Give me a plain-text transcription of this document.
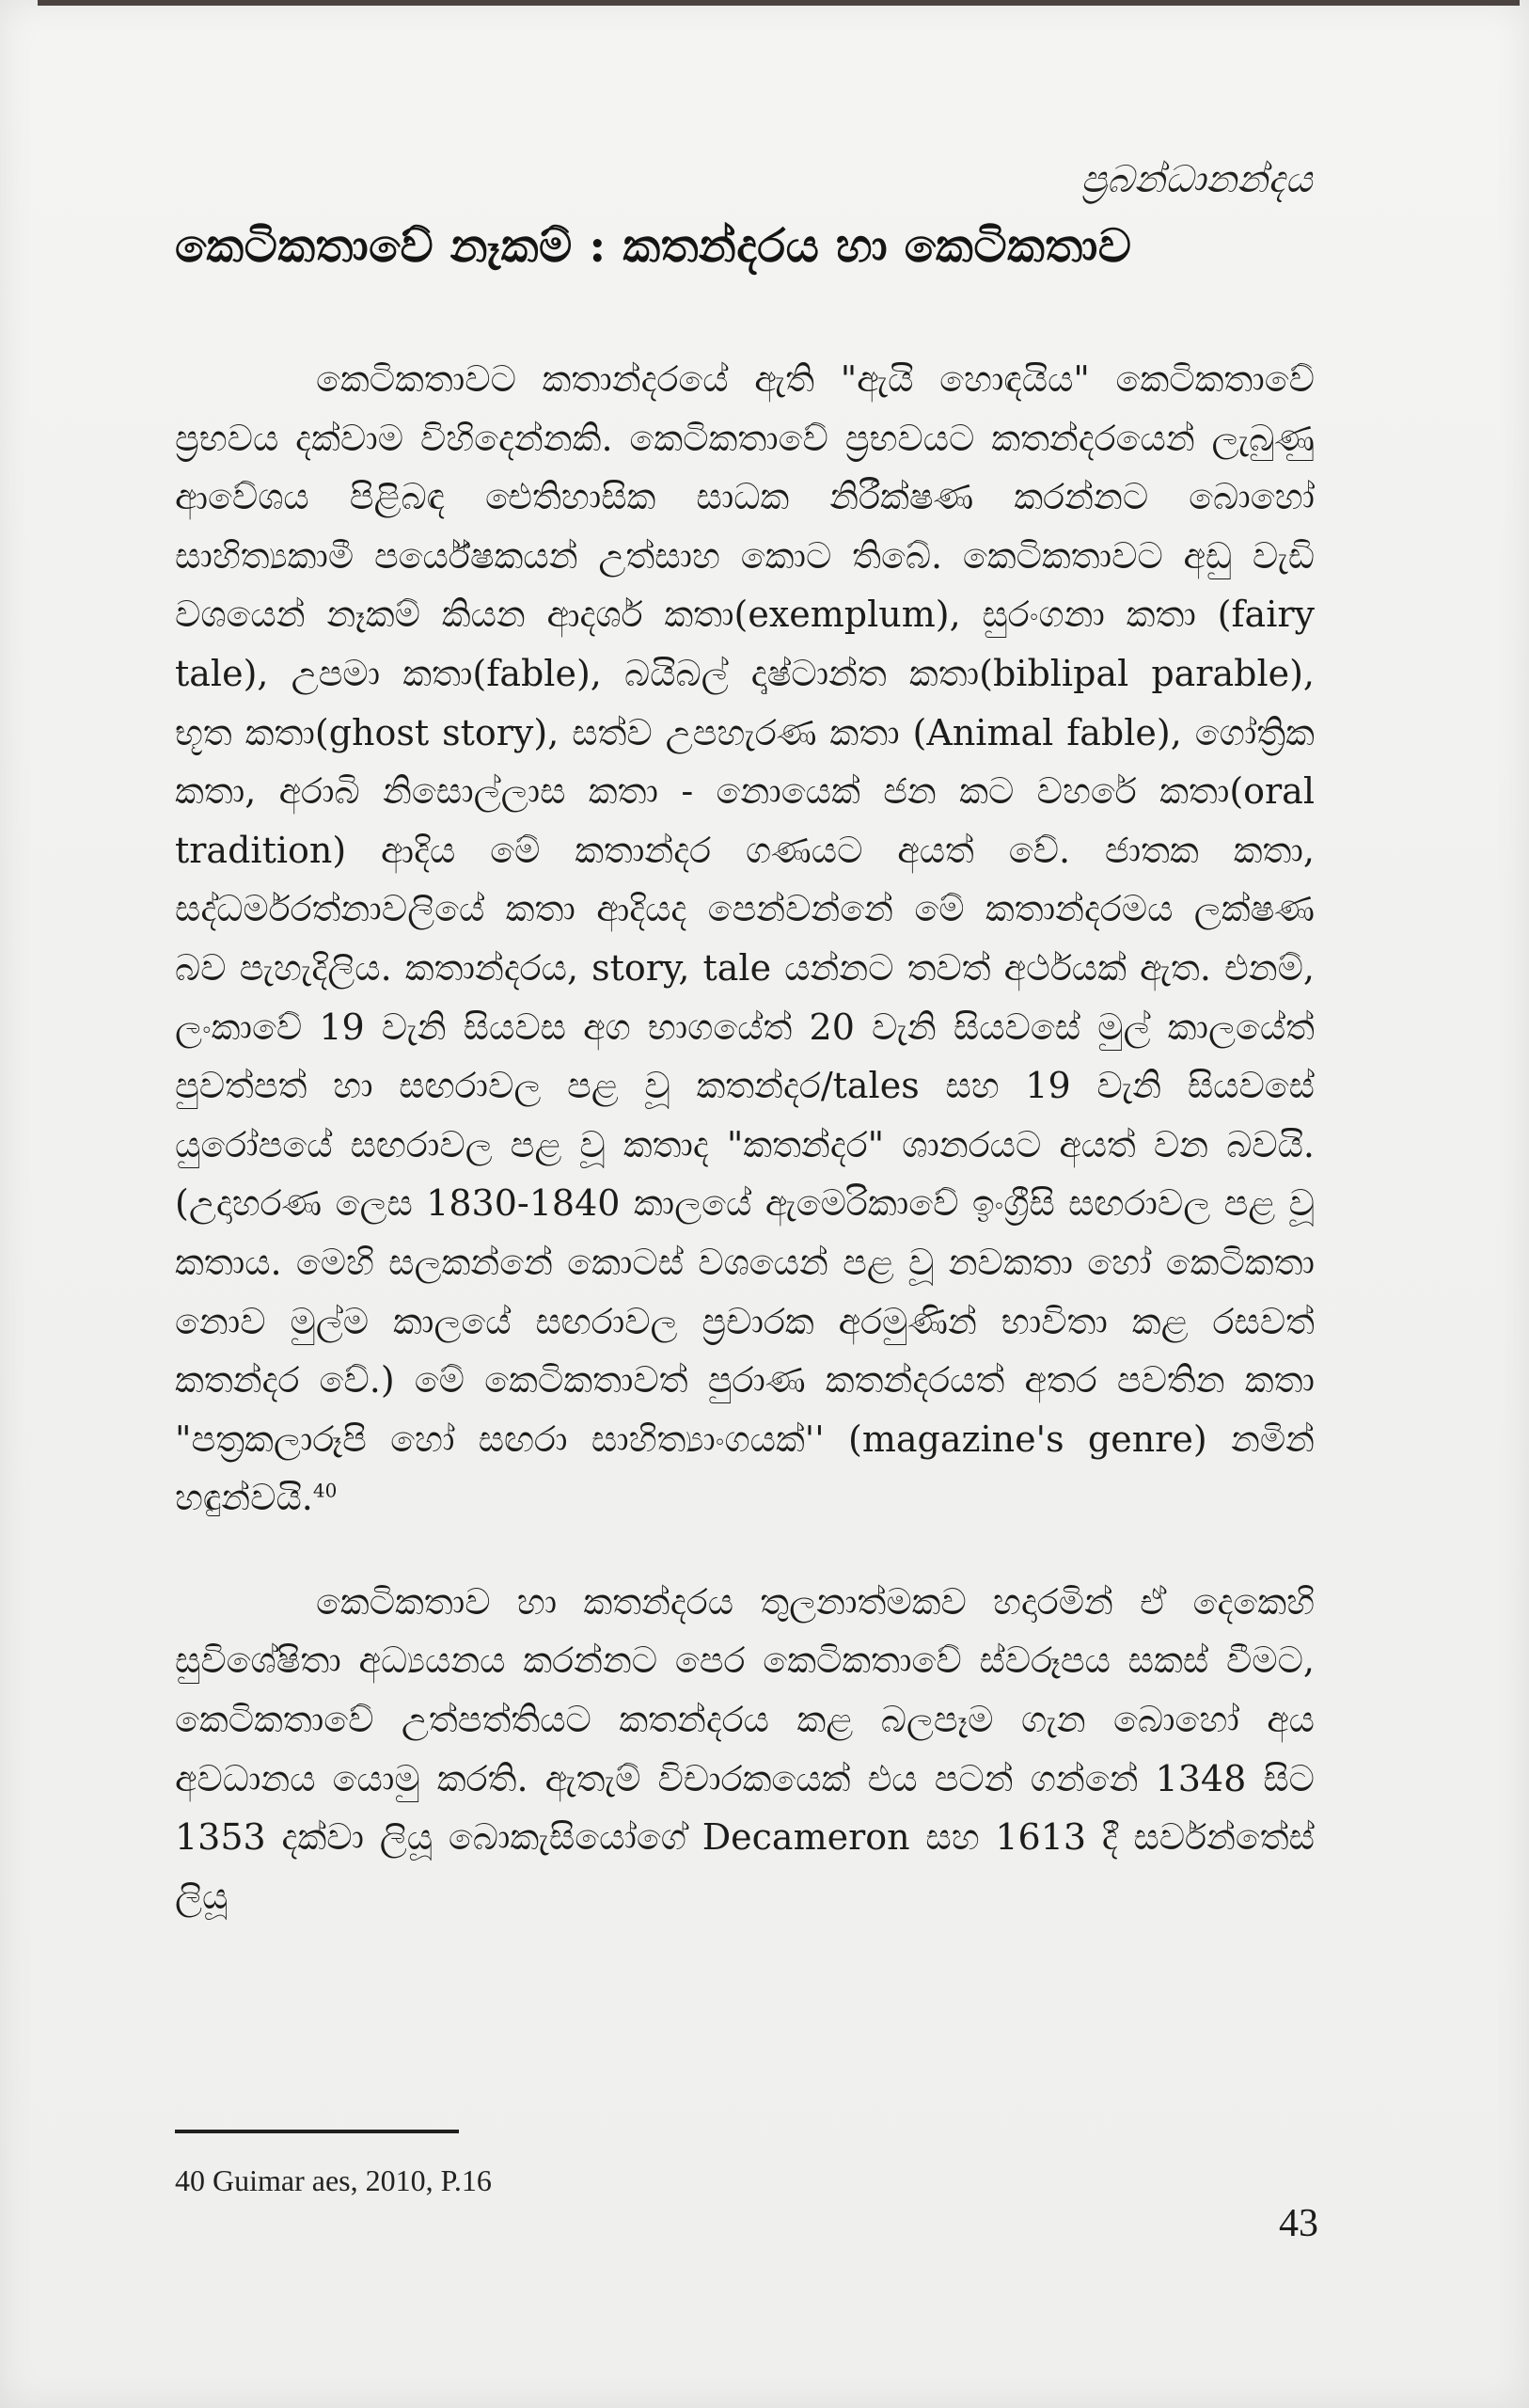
ප්‍රබන්ධානන්දය
කෙටිකතාවේ නෑකම් : කතන්දරය හා කෙටිකතාව

කෙටිකතාවට කතාන්දරයේ ඇති "ඇයි හොඳයිය" කෙටිකතාවේ ප්‍රභවය දක්වාම විහිදෙන්නකි. කෙටිකතාවේ ප්‍රභවයට කතන්දරයෙන් ලැබුණු ආවේශය පිළිබඳ ඓතිහාසික සාධක නිරීක්ෂණ කරන්නට බොහෝ සාහිත්‍යකාමී පර්යේෂකයන් උත්සාහ කොට තිබේ. කෙටිකතාවට අඩු වැඩි වශයෙන් නෑකම් කියන ආදර්ශ කතා(exemplum), සුරංගනා කතා (fairy tale), උපමා කතා(fable), බයිබල් දෘෂ්ටාන්ත කතා(biblipal parable), භූත කතා(ghost story), සත්ව උපහැරණ කතා (Animal fable), ගෝත්‍රික කතා, අරාබි නිසොල්ලාස කතා - නොයෙක් ජන කට වහරේ කතා(oral tradition) ආදිය මේ කතාන්දර ගණයට අයත් වේ. ජාතක කතා, සද්ධර්මරත්නාවලියේ කතා ආදියද පෙන්වන්නේ මේ කතාන්දරමය ලක්ෂණ බව පැහැදිලිය. කතාන්දරය, story, tale යන්නට තවත් අර්ථයක් ඇත. එනම්, ලංකාවේ 19 වැනි සියවස අග භාගයේත් 20 වැනි සියවසේ මුල් කාලයේත් පුවත්පත් හා සඟරාවල පළ වූ කතන්දර/tales සහ 19 වැනි සියවසේ යුරෝපයේ සඟරාවල පළ වූ කතාද "කතන්දර" ශානරයට අයත් වන බවයි. (උදාහරණ ලෙස 1830-1840 කාලයේ ඇමෙරිකාවේ ඉංග්‍රීසි සඟරාවල පළ වූ කතාය. මෙහි සලකන්නේ කොටස් වශයෙන් පළ වූ නවකතා හෝ කෙටිකතා නොව මුල්ම කාලයේ සඟරාවල ප්‍රචාරක අරමුණින් භාවිතා කළ රසවත් කතන්දර වේ.) මේ කෙටිකතාවත් පුරාණ කතන්දරයත් අතර පවතින කතා "පත්‍රකලාරූපි හෝ සඟරා සාහිත්‍යාංගයක්'' (magazine's genre) නමින් හඳුන්වයි.$^{40}$

කෙටිකතාව හා කතන්දරය තුලනාත්මකව හදාරමින් ඒ දෙකෙහි සුවිශේෂිතා අධ්‍යයනය කරන්නට පෙර කෙටිකතාවේ ස්වරූපය සකස් වීමට, කෙටිකතාවේ උත්පත්තියට කතන්දරය කළ බලපෑම ගැන බොහෝ අය අවධානය යොමු කරති. ඇතැම් විචාරකයෙක් එය පටන් ගන්නේ 1348 සිට 1353 දක්වා ලියූ බොකැසියෝගේ Decameron සහ 1613 දී සර්වන්තේස් ලියූ

40 Guimar aes, 2010, P.16
43
